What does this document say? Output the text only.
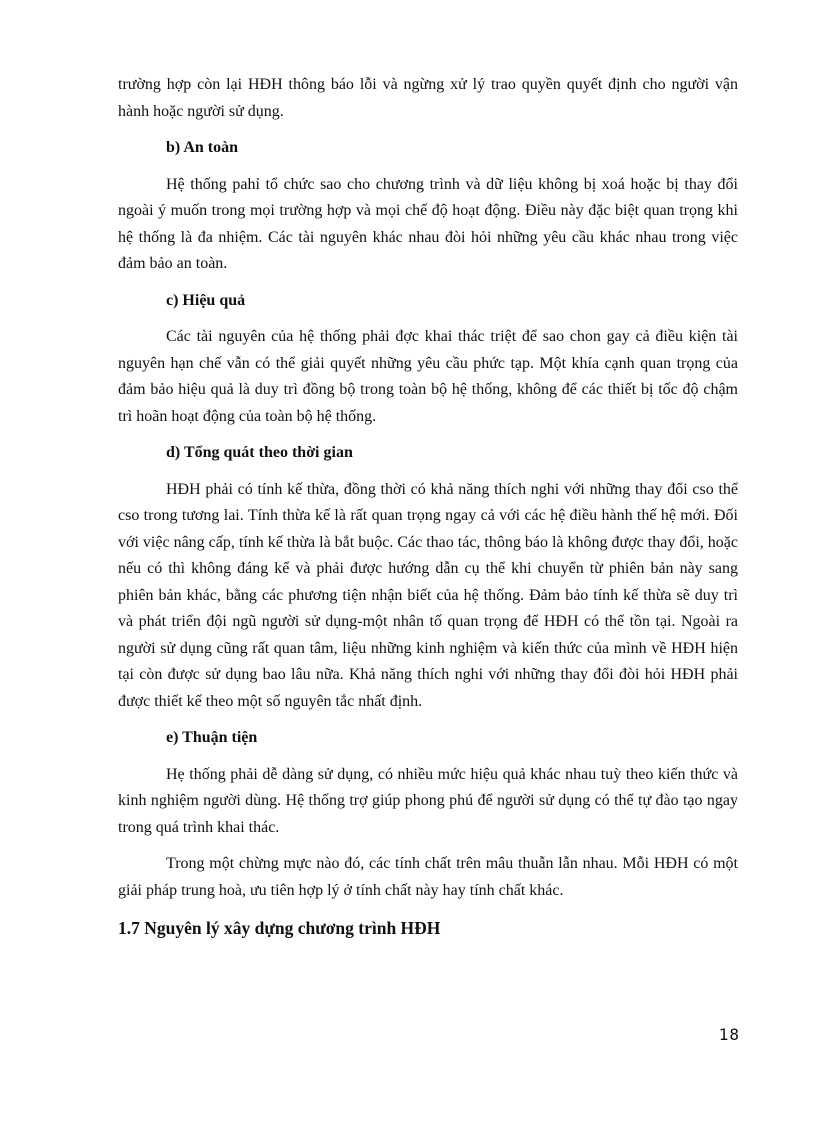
trường hợp còn lại HĐH thông báo lỗi và ngừng xử lý trao quyền quyết định cho người vận hành hoặc người sử dụng.

b) An toàn

Hệ thống pahỉ tổ chức sao cho chương trình và dữ liệu không bị xoá hoặc bị thay đổi ngoài ý muốn trong mọi trường hợp và mọi chế độ hoạt động. Điều này đặc biệt quan trọng khi hệ thống là đa nhiệm. Các tài nguyên khác nhau đòi hỏi những yêu cầu khác nhau trong việc đảm bảo an toàn.

c) Hiệu quả

Các tài nguyên của hệ thống phải đợc khai thác triệt để sao chon gay cả điều kiện tài nguyên hạn chế vẫn có thể giải quyết những yêu cầu phức tạp. Một khía cạnh quan trọng của đảm bảo hiệu quả là duy trì đồng bộ trong toàn bộ hệ thống, không để các thiết bị tốc độ chậm trì hoãn hoạt động của toàn bộ hệ thống.

d) Tổng quát theo thời gian

HĐH phải có tính kế thừa, đồng thời có khả năng thích nghi với những thay đổi cso thể cso trong tương lai. Tính thừa kế là rất quan trọng ngay cả với các hệ điều hành thế hệ mới. Đối với việc nâng cấp, tính kế thừa là bắt buộc. Các thao tác, thông báo là không được thay đổi, hoặc nếu có thì không đáng kể và phải được hướng dẫn cụ thể khi chuyển từ phiên bản này sang phiên bản khác, bằng các phương tiện nhận biết của hệ thống. Đảm bảo tính kế thừa sẽ duy trì và phát triển đội ngũ người sử dụng-một nhân tố quan trọng để HĐH có thể tồn tại. Ngoài ra người sử dụng cũng rất quan tâm, liệu những kinh nghiệm và kiến thức của mình về HĐH hiện tại còn được sử dụng bao lâu nữa. Khả năng thích nghi với những thay đổi đòi hỏi HĐH phải được thiết kế theo một số nguyên tắc nhất định.

e) Thuận tiện

Hẹ thống phải dễ dàng sử dụng, có nhiều mức hiệu quả khác nhau tuỳ theo kiến thức và kinh nghiệm người dùng. Hệ thống trợ giúp phong phú để người sử dụng có thể tự đào tạo ngay trong quá trình khai thác.

Trong một chừng mực nào đó, các tính chất trên mâu thuẫn lẫn nhau. Mỗi HĐH có một giải pháp trung hoà, ưu tiên hợp lý ở tính chất này hay tính chất khác.

1.7 Nguyên lý xây dựng chương trình HĐH
18
